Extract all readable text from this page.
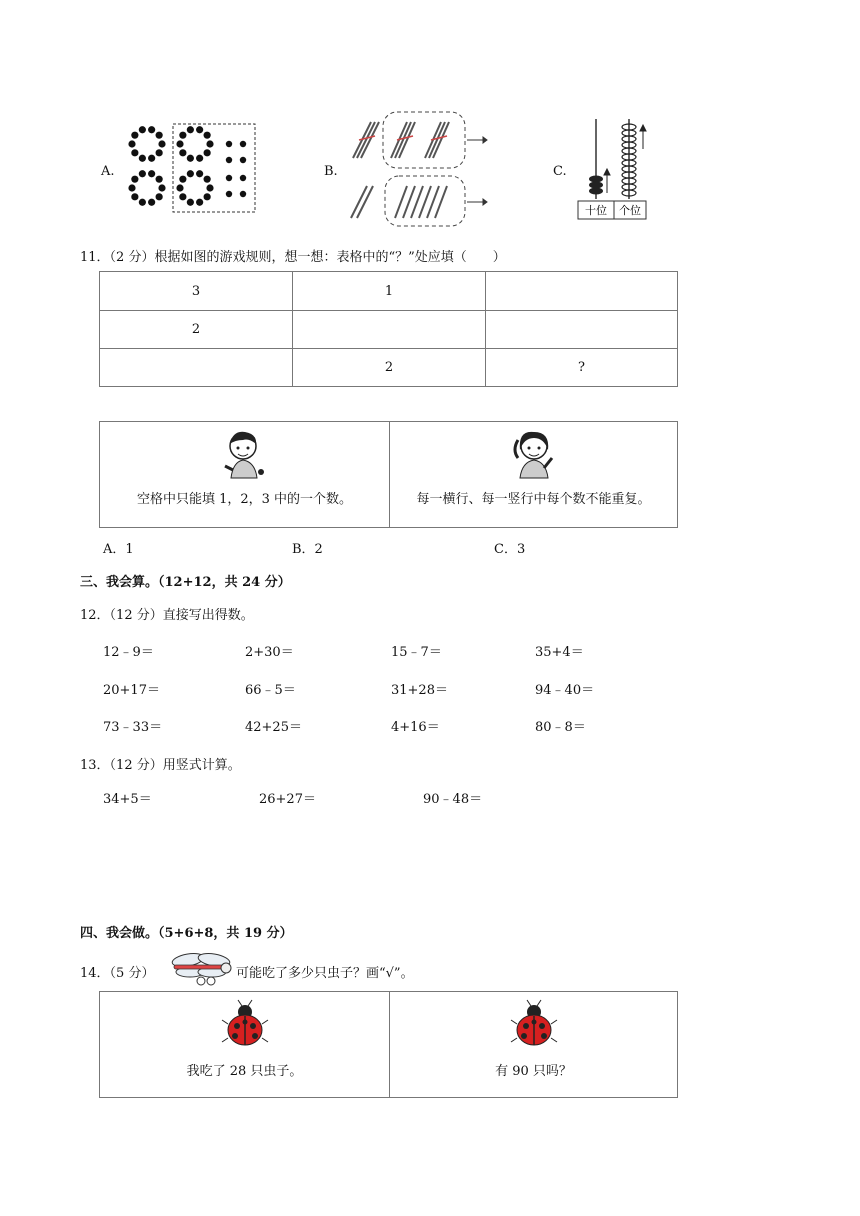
A.	B.	C.
十位 个位
11．（2 分）根据如图的游戏规则，想一想：表格中的“？”处应填（　　）
3	1	
2		
	2	?
空格中只能填 1，2，3 中的一个数。	每一横行、每一竖行中每个数不能重复。
A．1	B．2	C．3
三、我会算。（12+12，共 24 分）
12．（12 分）直接写出得数。
12﹣9＝	2+30＝	15﹣7＝	35+4＝
20+17＝	66﹣5＝	31+28＝	94﹣40＝
73﹣33＝	42+25＝	4+16＝	80﹣8＝
13．（12 分）用竖式计算。
34+5＝	26+27＝	90﹣48＝
四、我会做。（5+6+8，共 19 分）
14．（5 分）	可能吃了多少只虫子？画“√”。
我吃了 28 只虫子。	有 90 只吗？
